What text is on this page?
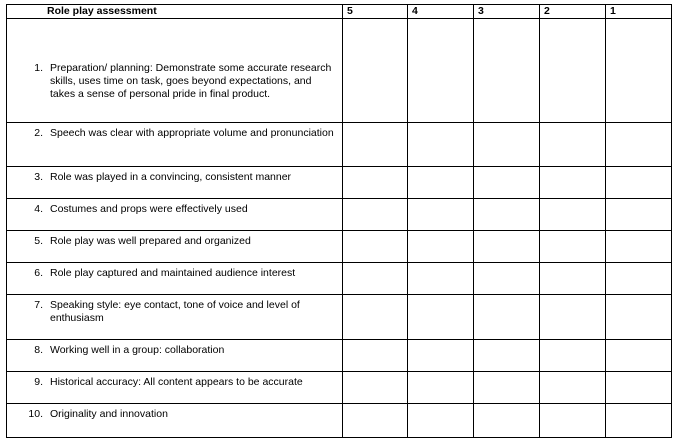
Role play assessment	5	4	3	2	1

1. Preparation/ planning: Demonstrate some accurate research skills, uses time on task, goes beyond expectations, and takes a sense of personal pride in final product.					

2. Speech was clear with appropriate volume and pronunciation					

3. Role was played in a convincing, consistent manner					

4. Costumes and props were effectively used					

5. Role play was well prepared and organized					

6. Role play captured and maintained audience interest					

7. Speaking style: eye contact, tone of voice and level of enthusiasm					

8. Working well in a group: collaboration					

9. Historical accuracy: All content appears to be accurate					

10. Originality and innovation					
